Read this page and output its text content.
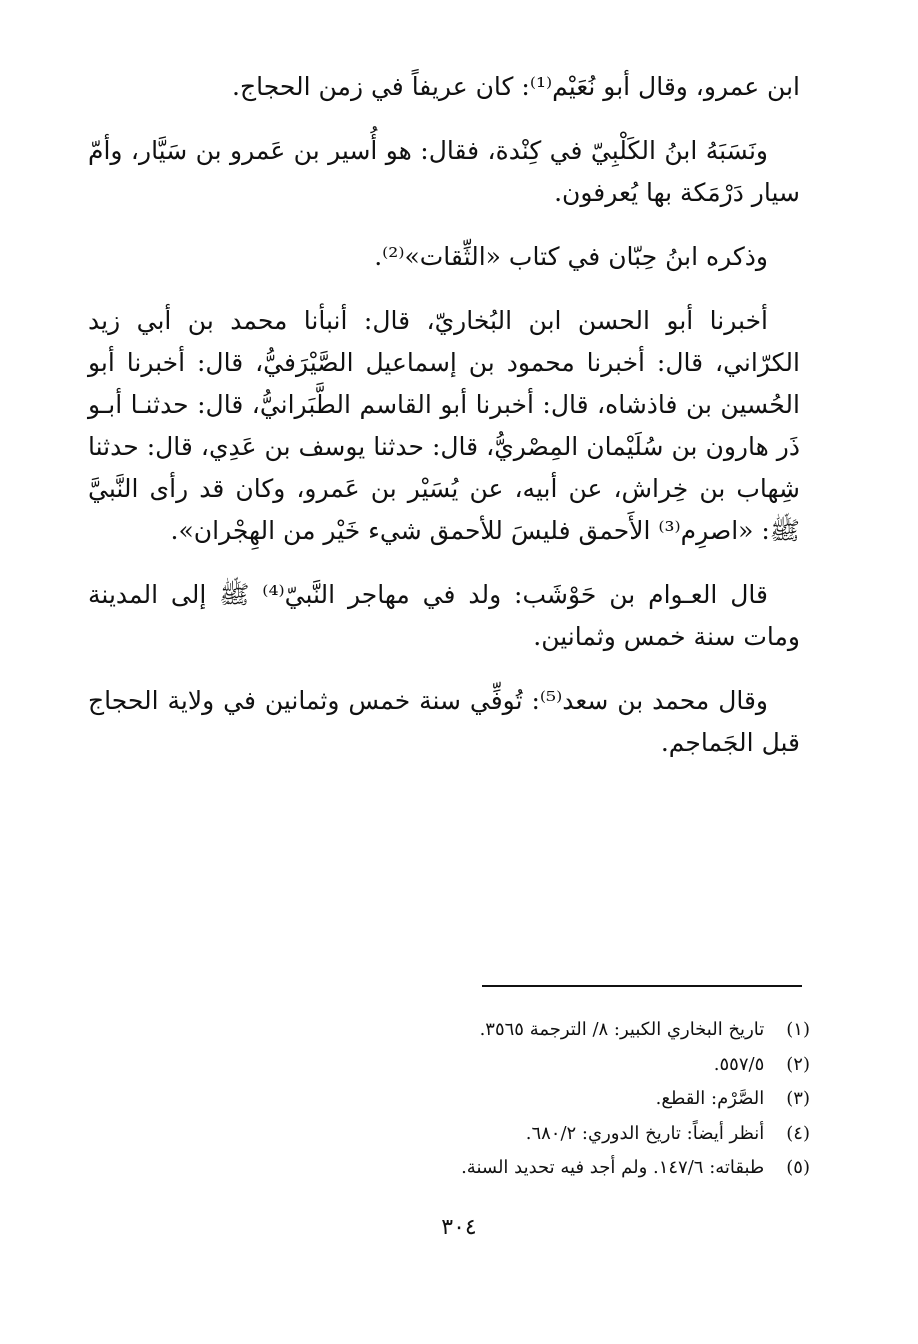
ابن عمرو، وقال أبو نُعَيْم⁽¹⁾: كان عريفاً في زمن الحجاج.

ونَسَبَهُ ابنُ الكَلْبِيّ في كِنْدة، فقال: هو أُسير بن عَمرو بن سَيَّار، وأمّ سيار دَرْمَكة بها يُعرفون.

وذكره ابنُ حِبّان في كتاب «الثِّقات»⁽²⁾.

أخبرنا أبو الحسن ابن البُخاريّ، قال: أنبأنا محمد بن أبي زيد الكرّاني، قال: أخبرنا محمود بن إسماعيل الصَّيْرَفيُّ، قال: أخبرنا أبو الحُسين بن فاذشاه، قال: أخبرنا أبو القاسم الطَّبَرانيُّ، قال: حدثنـا أبـو ذَر هارون بن سُلَيْمان المِصْريُّ، قال: حدثنا يوسف بن عَدِي، قال: حدثنا شِهاب بن خِراش، عن أبيه، عن يُسَيْر بن عَمرو، وكان قد رأى النَّبيَّ ﷺ: «اصرِم⁽³⁾ الأَحمق فليسَ للأحمق شيء خَيْر من الهِجْران».

قال العـوام بن حَوْشَب: ولد في مهاجر النَّبيّ⁽⁴⁾ ﷺ إلى المدينة ومات سنة خمس وثمانين.

وقال محمد بن سعد⁽⁵⁾: تُوفِّي سنة خمس وثمانين في ولاية الحجاج قبل الجَماجم.

(١) تاريخ البخاري الكبير: ٨/ الترجمة ٣٥٦٥.
(٢) ٥٥٧/٥.
(٣) الصَّرْم: القطع.
(٤) أنظر أيضاً: تاريخ الدوري: ٦٨٠/٢.
(٥) طبقاته: ١٤٧/٦. ولم أجد فيه تحديد السنة.
٣٠٤
